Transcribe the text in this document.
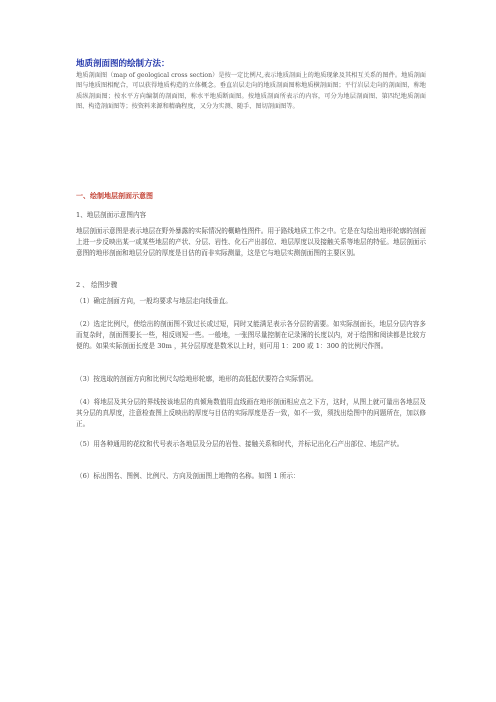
地质剖面图的绘制方法：
地质剖面图（map of geological cross section）是按一定比例尺,表示地质剖面上的地质现象及其相互关系的图件。地质剖面图与地质图相配合，可以获得地质构造的立体概念。垂直岩层走向的地质剖面图称地质横剖面图；平行岩层走向的剖面图，称地质纵剖面图；按水平方向编制的剖面图，称水平地质断面图。按地质剖面所表示的内容，可分为地层剖面图、第四纪地质剖面图、构造剖面图等；按资料来源和精确程度，又分为实测、随手、图切剖面图等。
一、绘制地层剖面示意图
1、地层剖面示意图内容
地层剖面示意图是表示地层在野外暴露的实际情况的概略性图件。用于路线地质工作之中。它是在勾绘出地形轮廓的剖面上进一步反映出某一或某些地层的产状、分层、岩性、化石产出部位、地层厚度以及接触关系等地层的特征。地层剖面示意图的地形剖面和地层分层的厚度是目估的而非实际测量，这是它与地层实测剖面图的主要区别。
2 、 绘图步骤
（1）确定剖面方向，一般均要求与地层走向线垂直。
（2）选定比例尺，使绘出的剖面图不致过长或过短，同时又能满足表示各分层的需要。如实际剖面长，地层分层内容多而复杂时，剖面图要长一些，相反则短一些。一般地，一张图尽量控制在记录簿的长度以内，对于绘图和阅读都是比较方便的。如果实际剖面长度是 30m ，其分层厚度是数米以上时，则可用 1：200 或 1：300 的比例尺作图。
（3）按选取的剖面方向和比例尺勾绘地形轮廓，地形的高低起伏要符合实际情况。
（4）将地层及其分层的界线按该地层的真倾角数值用直线画在地形剖面相应点之下方，这时，从图上就可量出各地层及其分层的真厚度，注意检查图上反映出的厚度与目估的实际厚度是否一致，如不一致，须找出绘图中的问题所在，加以修正。
（5）用各种通用的花纹和代号表示各地层及分层的岩性、接触关系和时代，并标记出化石产出部位、地层产状。
（6）标出图名、图例、比例尺、方向及剖面图上地物的名称。如图 1 所示：
